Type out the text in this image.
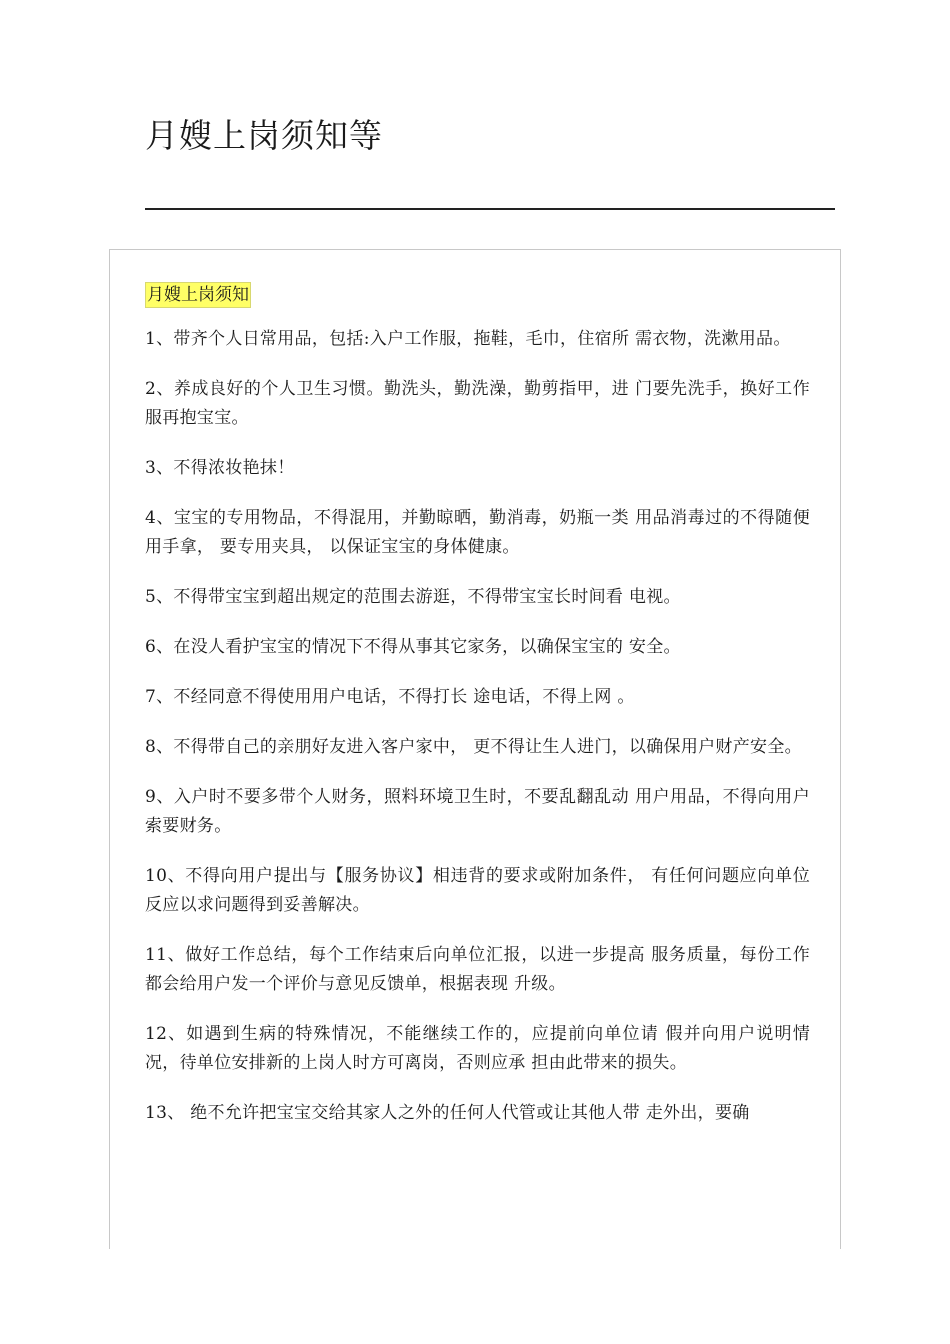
月嫂上岗须知等
月嫂上岗须知

1、带齐个人日常用品，包括:入户工作服，拖鞋，毛巾，住宿所 需衣物，洗漱用品。

2、养成良好的个人卫生习惯。勤洗头，勤洗澡，勤剪指甲，进 门要先洗手，换好工作服再抱宝宝。

3、不得浓妆艳抹！

4、宝宝的专用物品，不得混用，并勤晾晒，勤消毒，奶瓶一类 用品消毒过的不得随便用手拿， 要专用夹具， 以保证宝宝的身体健康。

5、不得带宝宝到超出规定的范围去游逛，不得带宝宝长时间看 电视。

6、在没人看护宝宝的情况下不得从事其它家务，以确保宝宝的 安全。

7、不经同意不得使用用户电话，不得打长 途电话，不得上网 。

8、不得带自己的亲朋好友进入客户家中， 更不得让生人进门，以确保用户财产安全。

9、入户时不要多带个人财务，照料环境卫生时，不要乱翻乱动 用户用品，不得向用户索要财务。

10、不得向用户提出与【服务协议】相违背的要求或附加条件， 有任何问题应向单位反应以求问题得到妥善解决。

11、做好工作总结，每个工作结束后向单位汇报，以进一步提高 服务质量，每份工作都会给用户发一个评价与意见反馈单，根据表现 升级。

12、如遇到生病的特殊情况，不能继续工作的，应提前向单位请 假并向用户说明情况，待单位安排新的上岗人时方可离岗，否则应承 担由此带来的损失。

13、 绝不允许把宝宝交给其家人之外的任何人代管或让其他人带 走外出，要确
